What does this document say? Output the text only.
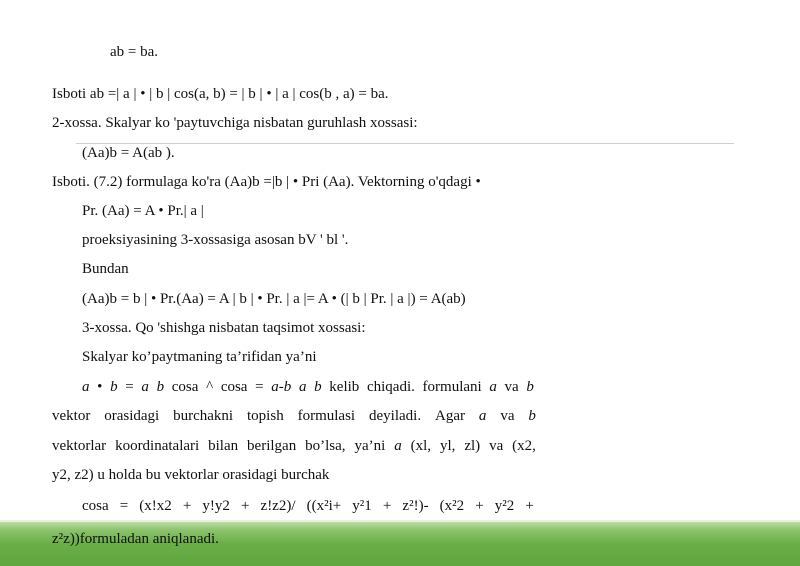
ab = ba.
Isboti ab =| a | • | b | cos(a, b) = | b | • | a | cos(b , a) = ba.
2-xossa. Skalyar ko 'paytuvchiga nisbatan guruhlash xossasi:
(Aa)b = A(ab ).
Isboti. (7.2) formulaga ko'ra (Aa)b =|b | • Pri (Aa). Vektorning o'qdagi •
Pr. (Aa) = A • Pr.| a |
proeksiyasining 3-xossasiga asosan bV ' bl '.
Bundan
(Aa)b = b | • Pr.(Aa) = A | b | • Pr. | a |= A • (| b | Pr. | a |) = A(ab)
3-xossa. Qo 'shishga nisbatan taqsimot xossasi:
Skalyar ko’paytmaning ta’rifidan ya’ni
a • b = a b cosa ^ cosa = a-b a b kelib chiqadi. formulani a va b
vektor orasidagi burchakni topish formulasi deyiladi. Agar a va b
vektorlar koordinatalari bilan berilgan bo’lsa, ya’ni a (xl, yl, zl) va (x2,
y2, z2) u holda bu vektorlar orasidagi burchak
cosa = (x!x2 + y!y2 + z!z2)/ ((x²i+ y²1 + z²!)- (x²2 + y²2 +
z²z))formuladan aniqlanadi.
